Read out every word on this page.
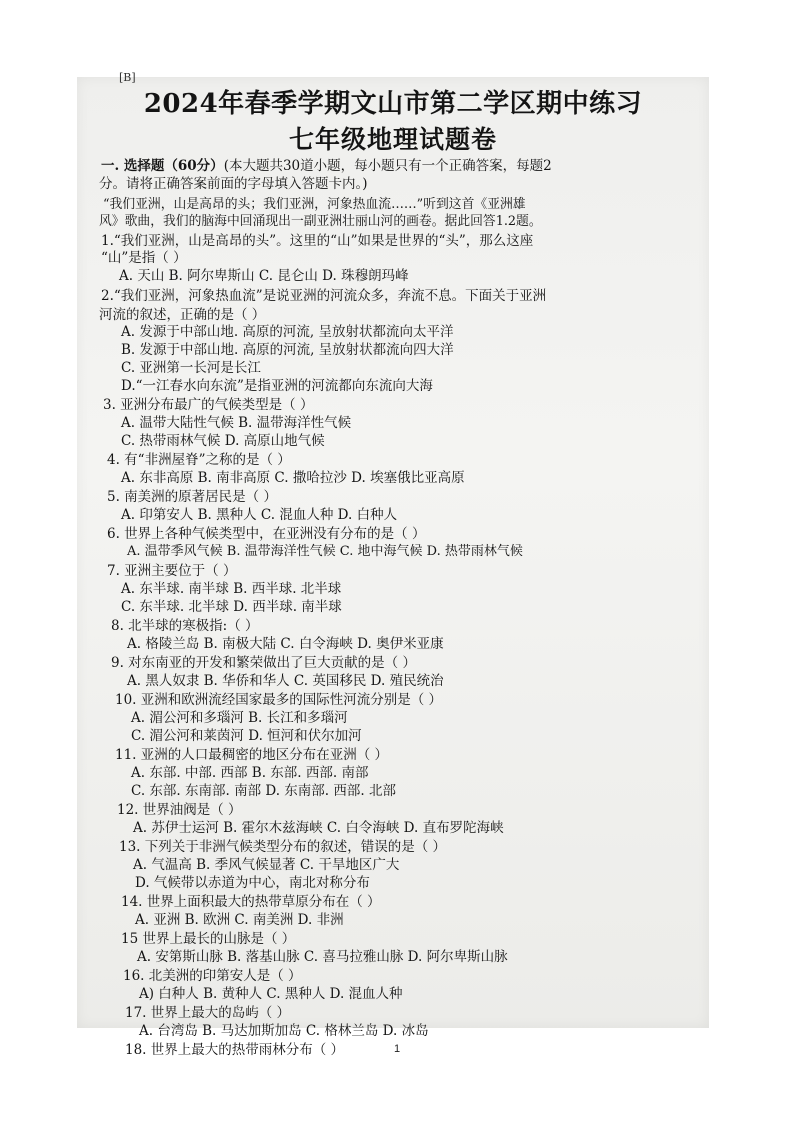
[B]
2024年春季学期文山市第二学区期中练习
七年级地理试题卷
一. 选择题（60分）(本大题共30道小题，每小题只有一个正确答案，每题2
分。请将正确答案前面的字母填入答题卡内。)
“我们亚洲，山是高昂的头；我们亚洲，河象热血流……”听到这首《亚洲雄
风》歌曲，我们的脑海中回涌现出一副亚洲壮丽山河的画卷。据此回答1.2题。
1.“我们亚洲，山是高昂的头”。这里的“山”如果是世界的“头”，那么这座
“山”是指（ ）
A. 天山 B. 阿尔卑斯山 C. 昆仑山 D. 珠穆朗玛峰
2.“我们亚洲，河象热血流”是说亚洲的河流众多，奔流不息。下面关于亚洲
河流的叙述，正确的是（ ）
A. 发源于中部山地. 高原的河流, 呈放射状都流向太平洋
B. 发源于中部山地. 高原的河流, 呈放射状都流向四大洋
C. 亚洲第一长河是长江
D.“一江春水向东流”是指亚洲的河流都向东流向大海
3. 亚洲分布最广的气候类型是（ ）
A. 温带大陆性气候 B. 温带海洋性气候
C. 热带雨林气候 D. 高原山地气候
4. 有“非洲屋脊”之称的是（ ）
A. 东非高原 B. 南非高原 C. 撒哈拉沙 D. 埃塞俄比亚高原
5. 南美洲的原著居民是（ ）
A. 印第安人 B. 黑种人 C. 混血人种 D. 白种人
6. 世界上各种气候类型中，在亚洲没有分布的是（ ）
A. 温带季风气候 B. 温带海洋性气候 C. 地中海气候 D. 热带雨林气候
7. 亚洲主要位于（ ）
A. 东半球. 南半球 B. 西半球. 北半球
C. 东半球. 北半球 D. 西半球. 南半球
8. 北半球的寒极指:（ ）
A. 格陵兰岛 B. 南极大陆 C. 白令海峡 D. 奥伊米亚康
9. 对东南亚的开发和繁荣做出了巨大贡献的是（ ）
A. 黑人奴隶 B. 华侨和华人 C. 英国移民 D. 殖民统治
10. 亚洲和欧洲流经国家最多的国际性河流分别是（ ）
A. 湄公河和多瑙河 B. 长江和多瑙河
C. 湄公河和莱茵河 D. 恒河和伏尔加河
11. 亚洲的人口最稠密的地区分布在亚洲（ ）
A. 东部. 中部. 西部 B. 东部. 西部. 南部
C. 东部. 东南部. 南部 D. 东南部. 西部. 北部
12. 世界油阀是（ ）
A. 苏伊士运河 B. 霍尔木兹海峡 C. 白令海峡 D. 直布罗陀海峡
13. 下列关于非洲气候类型分布的叙述，错误的是（ ）
A. 气温高 B. 季风气候显著 C. 干旱地区广大
D. 气候带以赤道为中心，南北对称分布
14. 世界上面积最大的热带草原分布在（ ）
A. 亚洲 B. 欧洲 C. 南美洲 D. 非洲
15 世界上最长的山脉是（ ）
A. 安第斯山脉 B. 落基山脉 C. 喜马拉雅山脉 D. 阿尔卑斯山脉
16. 北美洲的印第安人是（ ）
A) 白种人 B. 黄种人 C. 黑种人 D. 混血人种
17. 世界上最大的岛屿（ ）
A. 台湾岛 B. 马达加斯加岛 C. 格林兰岛 D. 冰岛
18. 世界上最大的热带雨林分布（ ）	1
